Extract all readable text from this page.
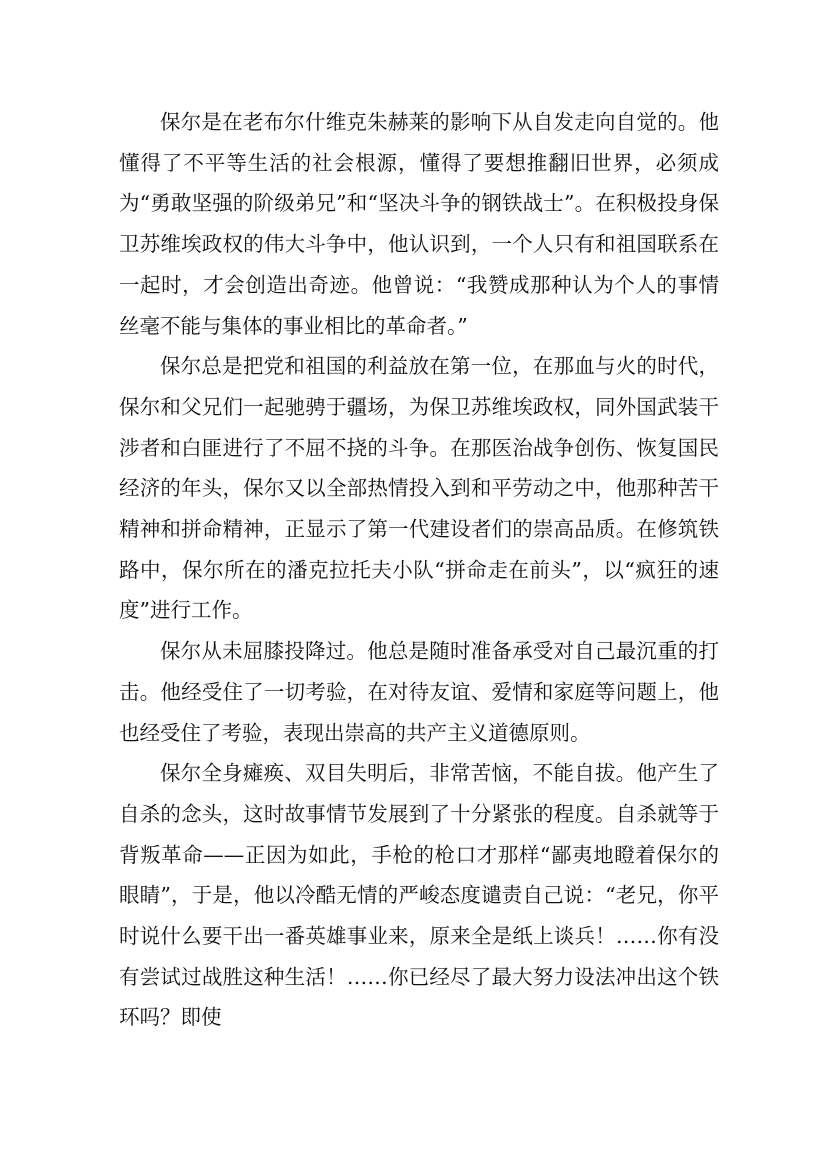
保尔是在老布尔什维克朱赫莱的影响下从自发走向自觉的。他懂得了不平等生活的社会根源，懂得了要想推翻旧世界，必须成为“勇敢坚强的阶级弟兄”和“坚决斗争的钢铁战士”。在积极投身保卫苏维埃政权的伟大斗争中，他认识到，一个人只有和祖国联系在一起时，才会创造出奇迹。他曾说：“我赞成那种认为个人的事情丝毫不能与集体的事业相比的革命者。”

保尔总是把党和祖国的利益放在第一位，在那血与火的时代，保尔和父兄们一起驰骋于疆场，为保卫苏维埃政权，同外国武装干涉者和白匪进行了不屈不挠的斗争。在那医治战争创伤、恢复国民经济的年头，保尔又以全部热情投入到和平劳动之中，他那种苦干精神和拼命精神，正显示了第一代建设者们的崇高品质。在修筑铁路中，保尔所在的潘克拉托夫小队“拼命走在前头”，以“疯狂的速度”进行工作。

保尔从未屈膝投降过。他总是随时准备承受对自己最沉重的打击。他经受住了一切考验，在对待友谊、爱情和家庭等问题上，他也经受住了考验，表现出崇高的共产主义道德原则。

保尔全身瘫痪、双目失明后，非常苦恼，不能自拔。他产生了自杀的念头，这时故事情节发展到了十分紧张的程度。自杀就等于背叛革命——正因为如此，手枪的枪口才那样“鄙夷地瞪着保尔的眼睛”，于是，他以冷酷无情的严峻态度谴责自己说：“老兄，你平时说什么要干出一番英雄事业来，原来全是纸上谈兵！……你有没有尝试过战胜这种生活！……你已经尽了最大努力设法冲出这个铁环吗？即使
